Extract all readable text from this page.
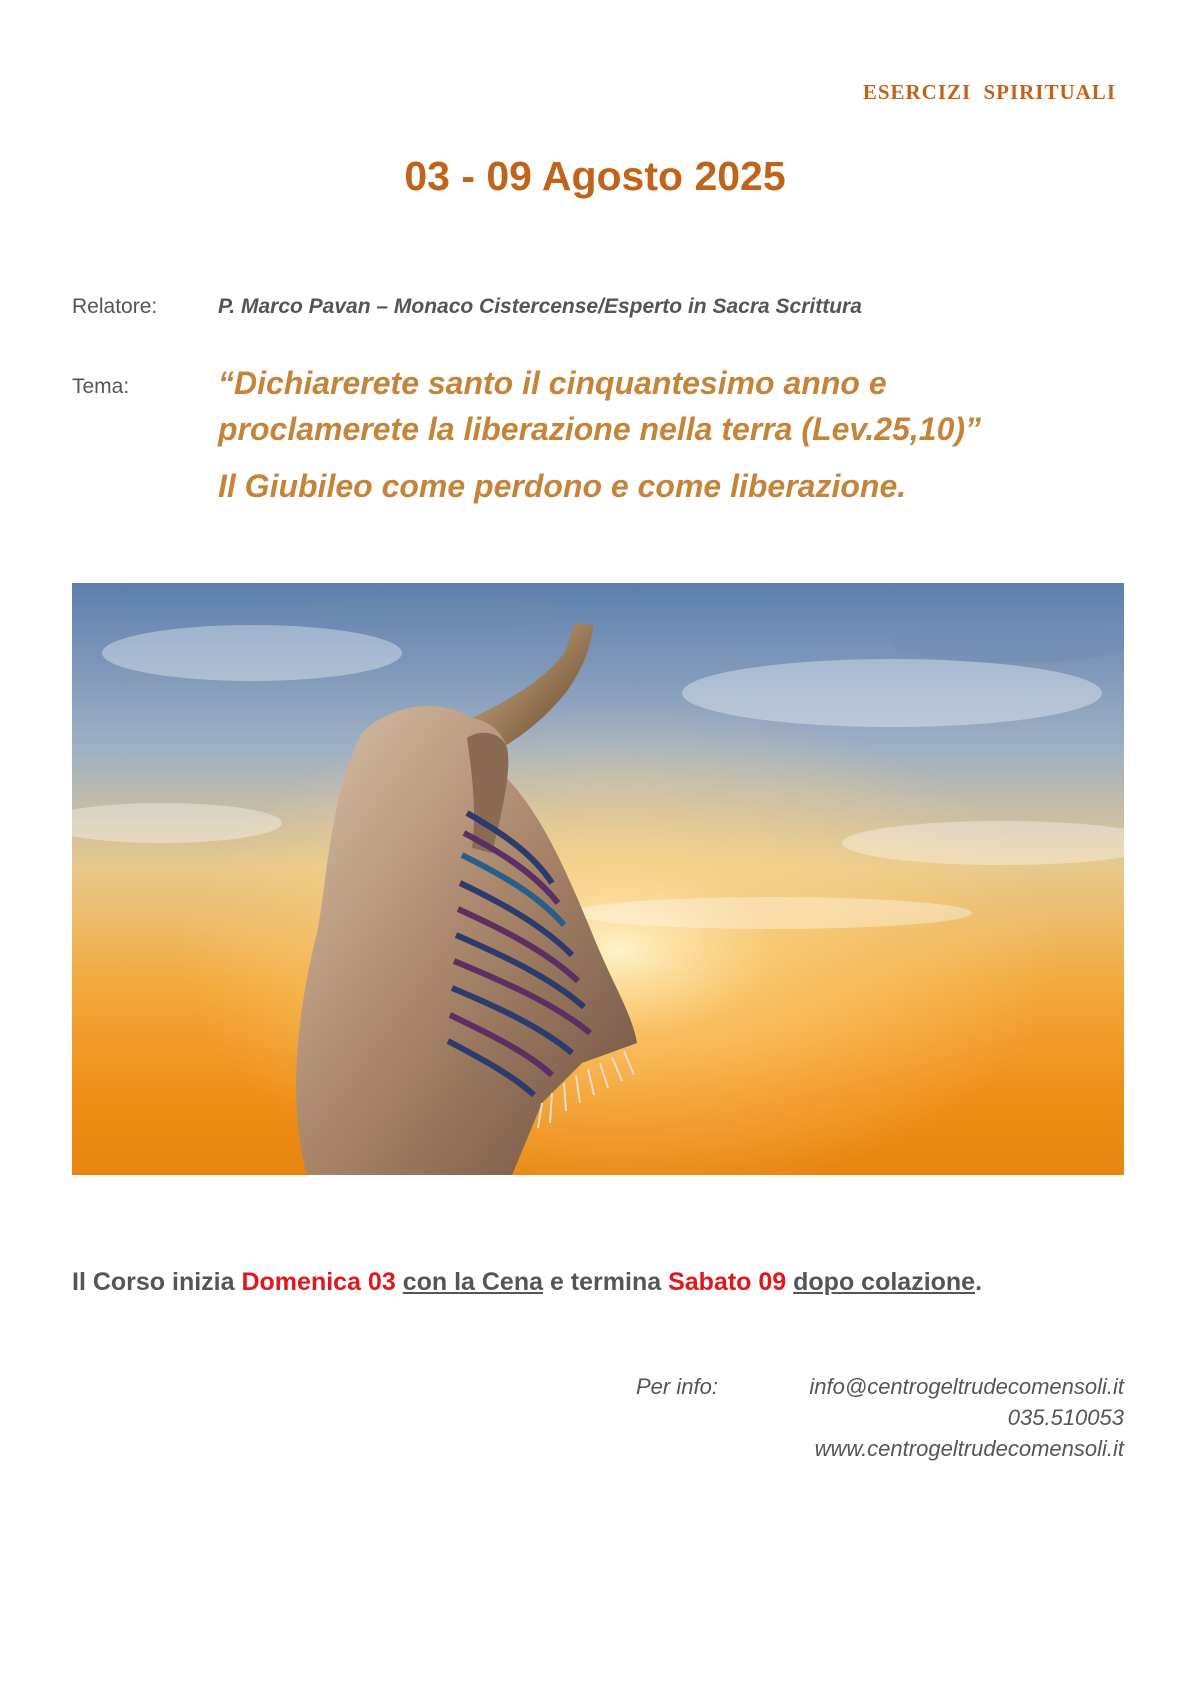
ESERCIZI SPIRITUALI
03 - 09 Agosto 2025
Relatore:	P. Marco Pavan – Monaco Cistercense/Esperto in Sacra Scrittura
Tema:	“Dichiarerete santo il cinquantesimo anno e
proclamerete la liberazione nella terra (Lev.25,10)”
Il Giubileo come perdono e come liberazione.
Il Corso inizia Domenica 03 con la Cena e termina Sabato 09 dopo colazione.
Per info:	info@centrogeltrudecomensoli.it
035.510053
www.centrogeltrudecomensoli.it
